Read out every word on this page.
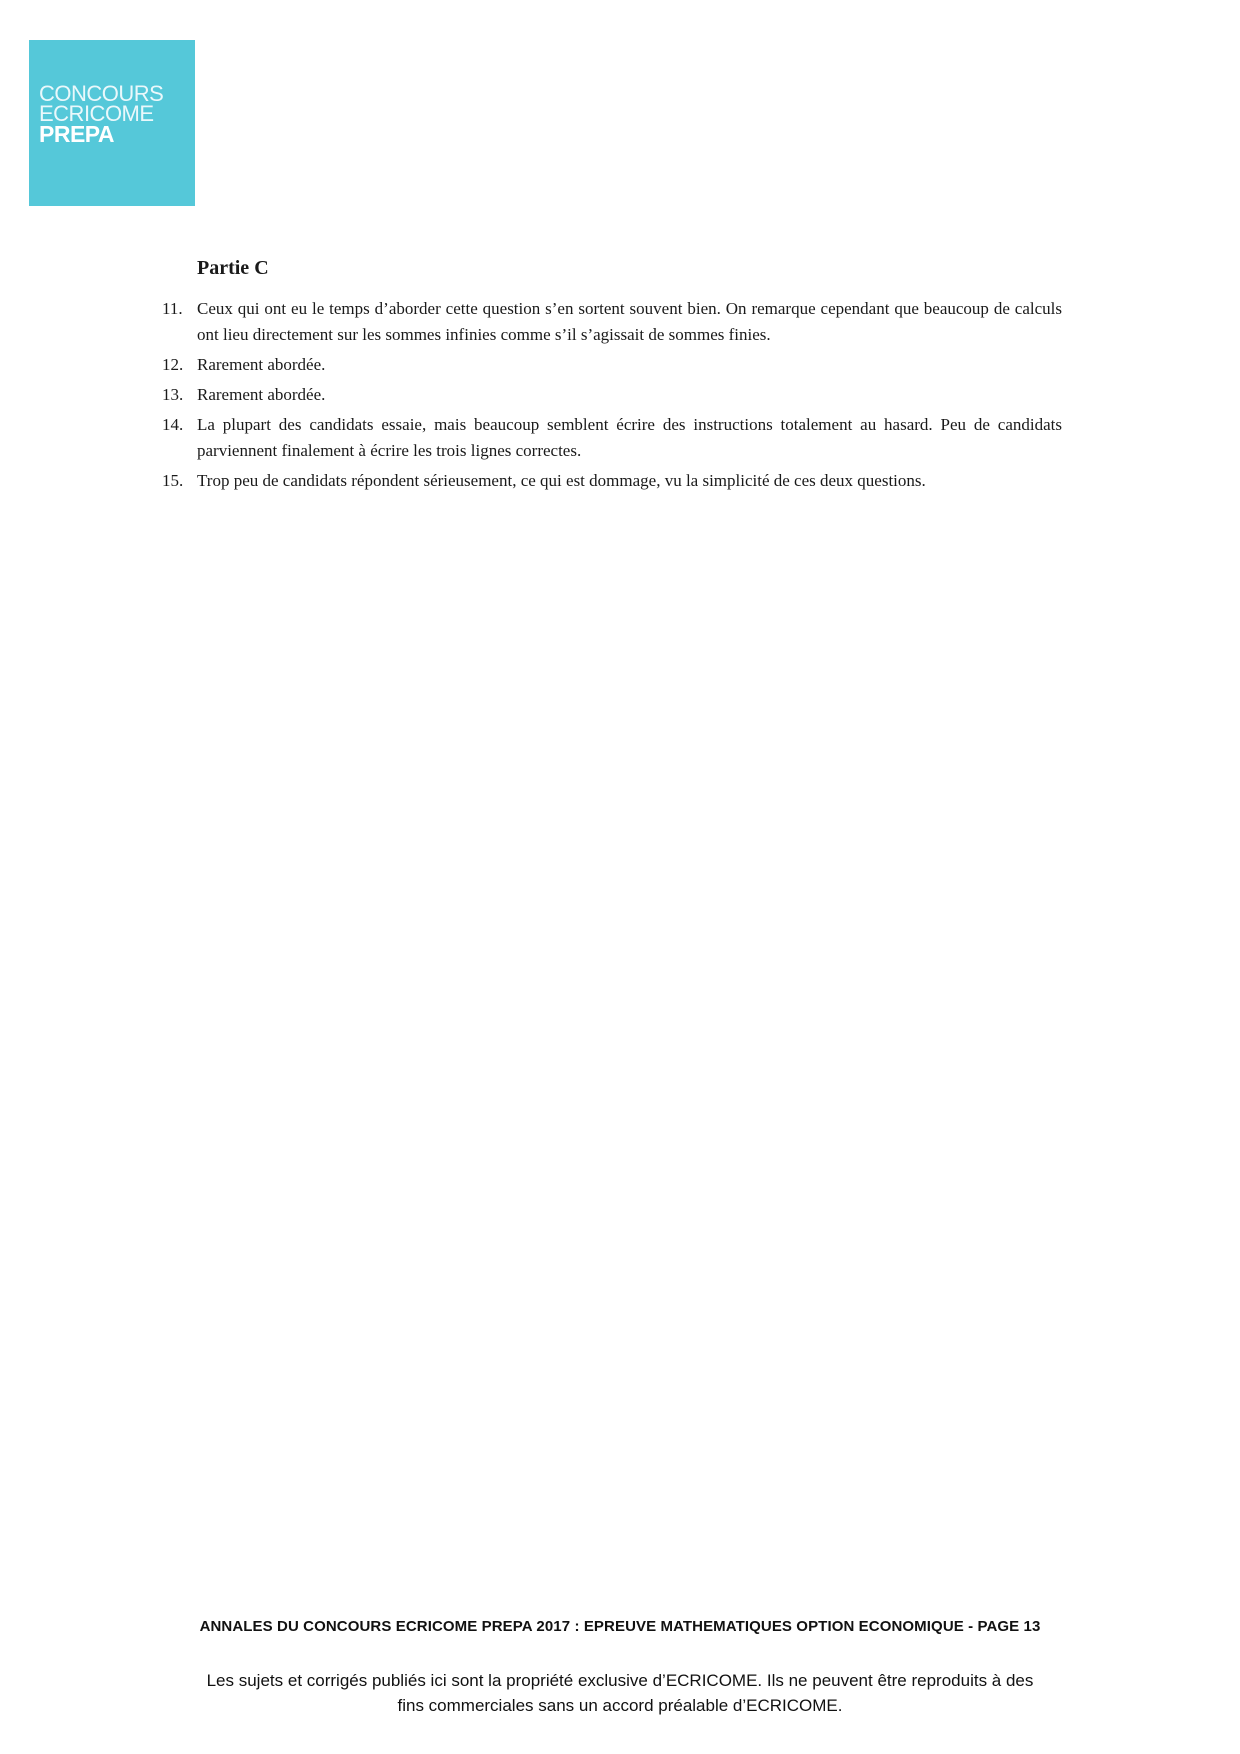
CONCOURS
ECRICOME
PREPA
Partie C
11. Ceux qui ont eu le temps d’aborder cette question s’en sortent souvent bien. On remarque cependant que beaucoup de calculs ont lieu directement sur les sommes infinies comme s’il s’agissait de sommes finies.
12. Rarement abordée.
13. Rarement abordée.
14. La plupart des candidats essaie, mais beaucoup semblent écrire des instructions totalement au hasard. Peu de candidats parviennent finalement à écrire les trois lignes correctes.
15. Trop peu de candidats répondent sérieusement, ce qui est dommage, vu la simplicité de ces deux questions.
ANNALES DU CONCOURS ECRICOME PREPA 2017 : EPREUVE MATHEMATIQUES OPTION ECONOMIQUE - PAGE 13
Les sujets et corrigés publiés ici sont la propriété exclusive d’ECRICOME. Ils ne peuvent être reproduits à des
fins commerciales sans un accord préalable d’ECRICOME.
